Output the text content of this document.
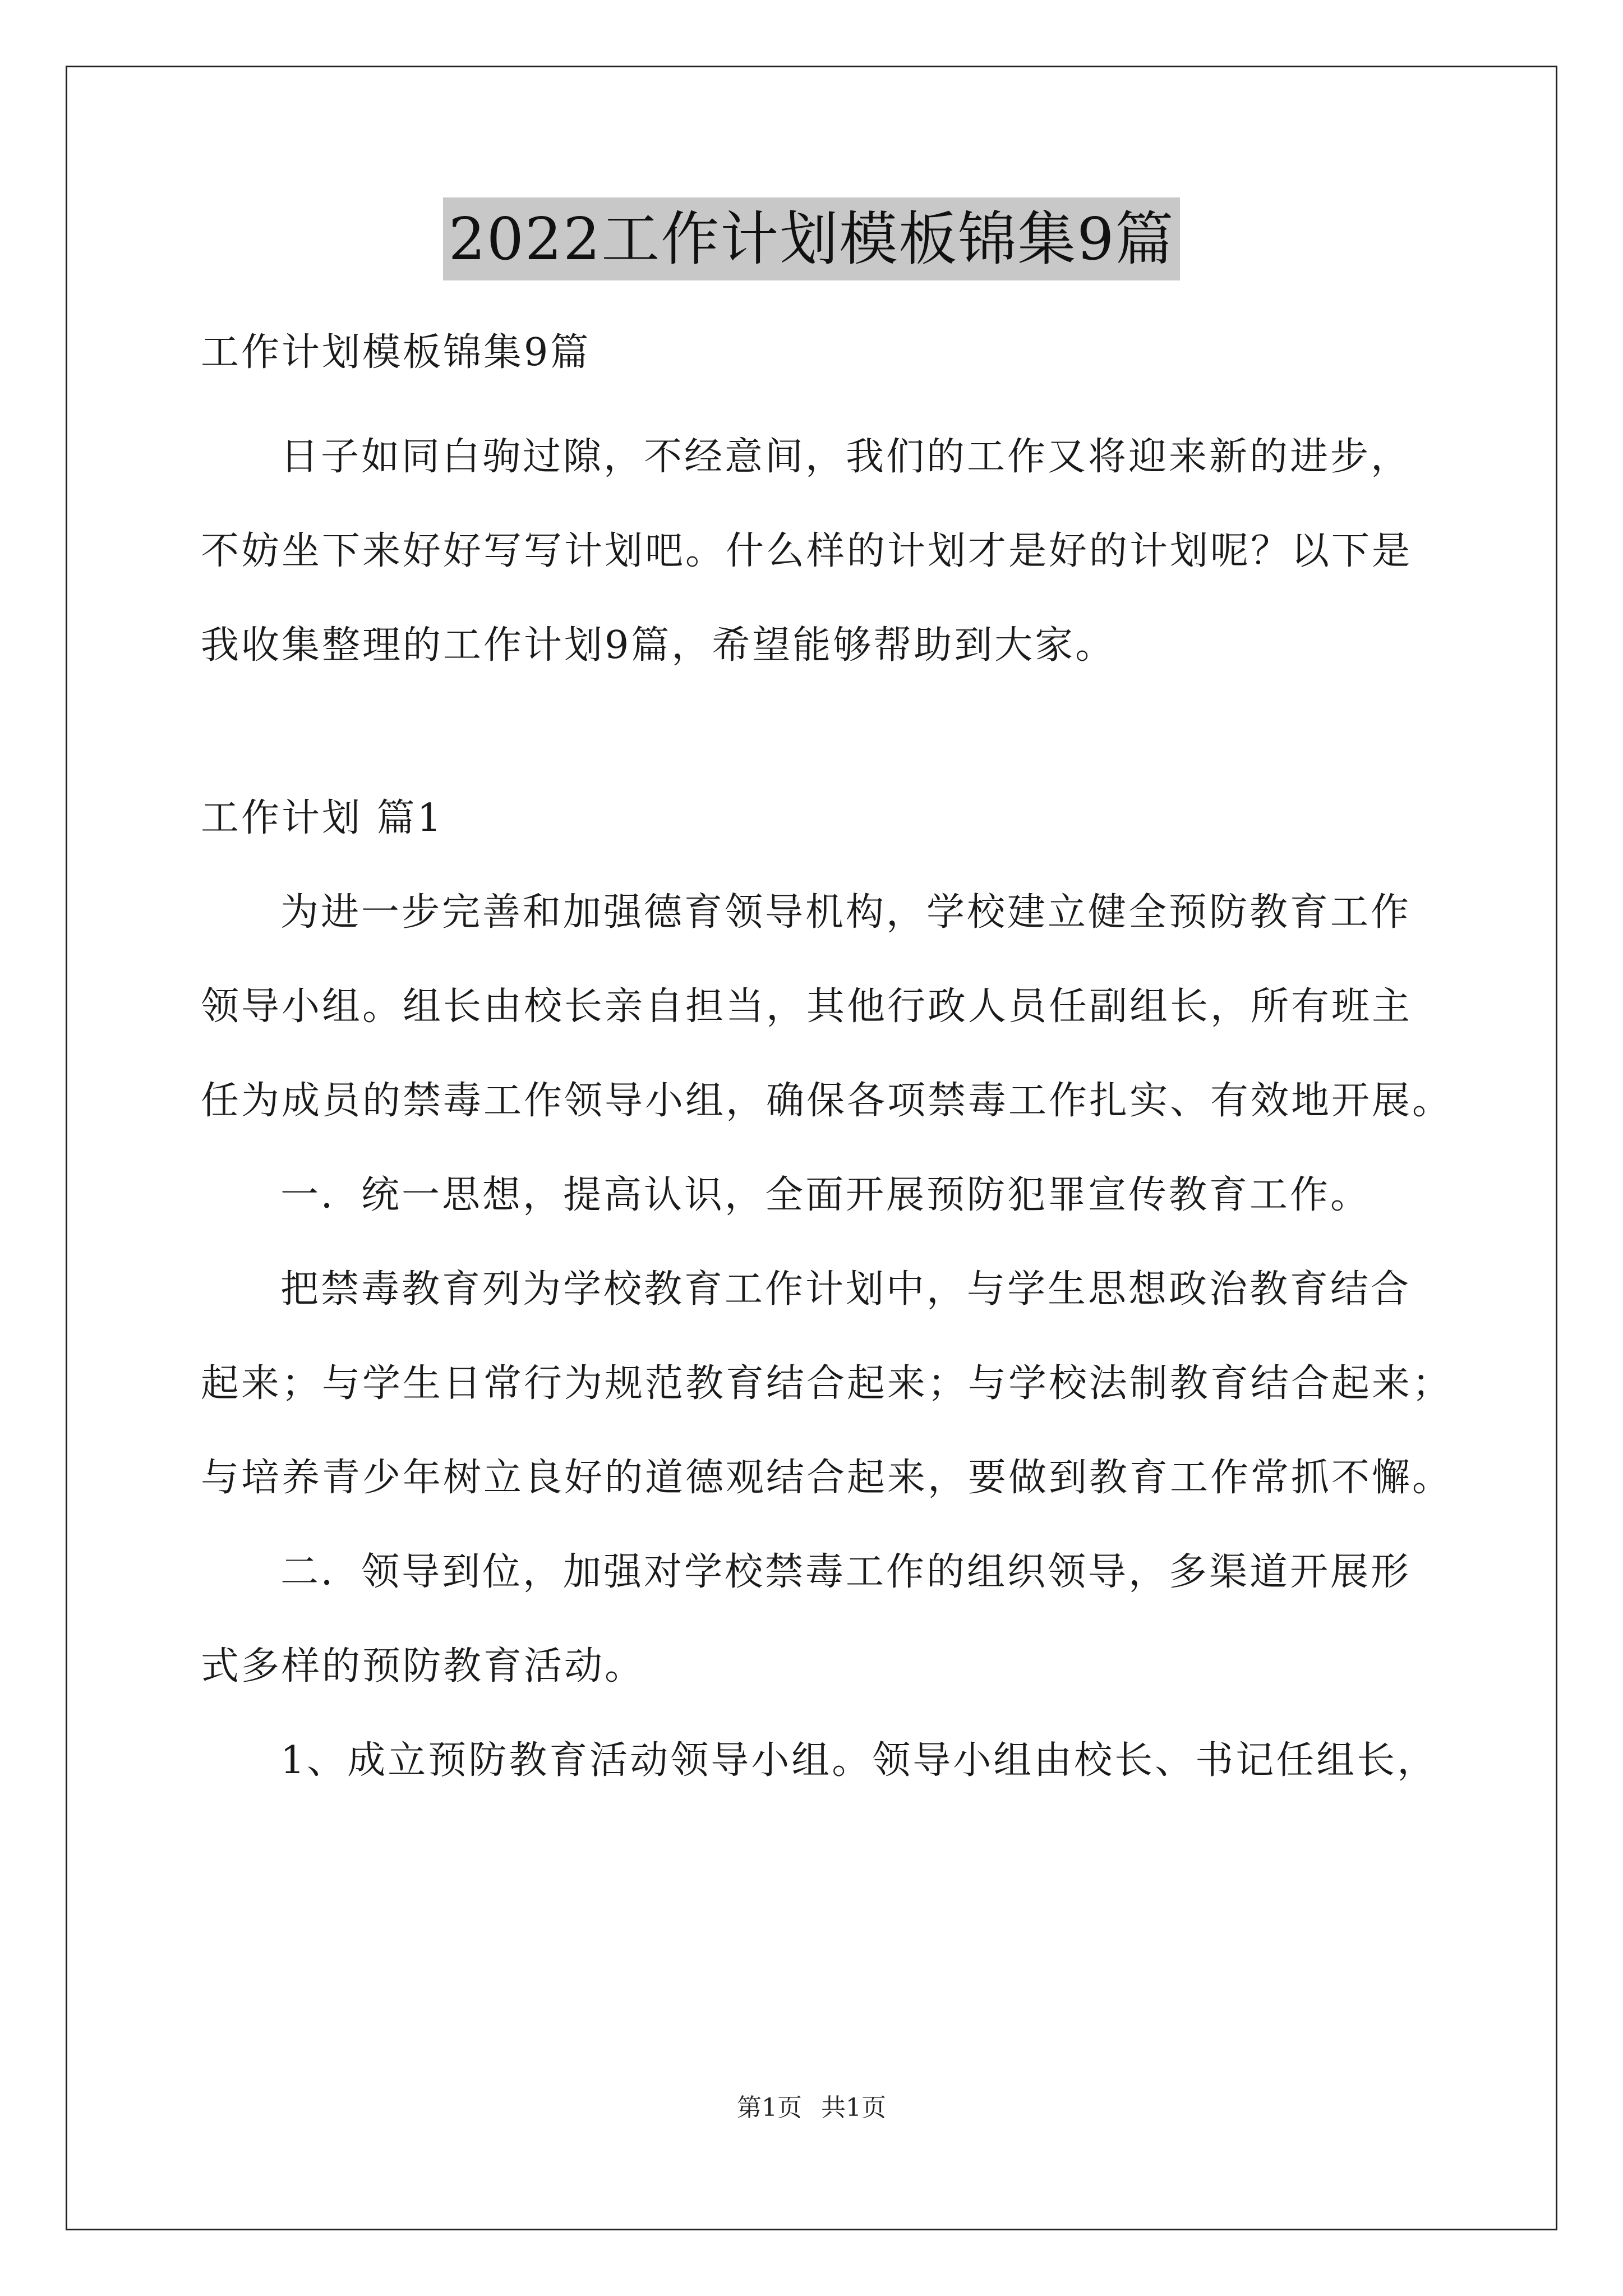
2022工作计划模板锦集9篇
工作计划模板锦集9篇
日子如同白驹过隙，不经意间，我们的工作又将迎来新的进步，
不妨坐下来好好写写计划吧。什么样的计划才是好的计划呢？以下是
我收集整理的工作计划9篇，希望能够帮助到大家。
工作计划 篇1
为进一步完善和加强德育领导机构，学校建立健全预防教育工作
领导小组。组长由校长亲自担当，其他行政人员任副组长，所有班主
任为成员的禁毒工作领导小组，确保各项禁毒工作扎实、有效地开展。
一．统一思想，提高认识，全面开展预防犯罪宣传教育工作。
把禁毒教育列为学校教育工作计划中，与学生思想政治教育结合
起来；与学生日常行为规范教育结合起来；与学校法制教育结合起来；
与培养青少年树立良好的道德观结合起来，要做到教育工作常抓不懈。
二．领导到位，加强对学校禁毒工作的组织领导，多渠道开展形
式多样的预防教育活动。
1、成立预防教育活动领导小组。领导小组由校长、书记任组长，
第1页 共1页
